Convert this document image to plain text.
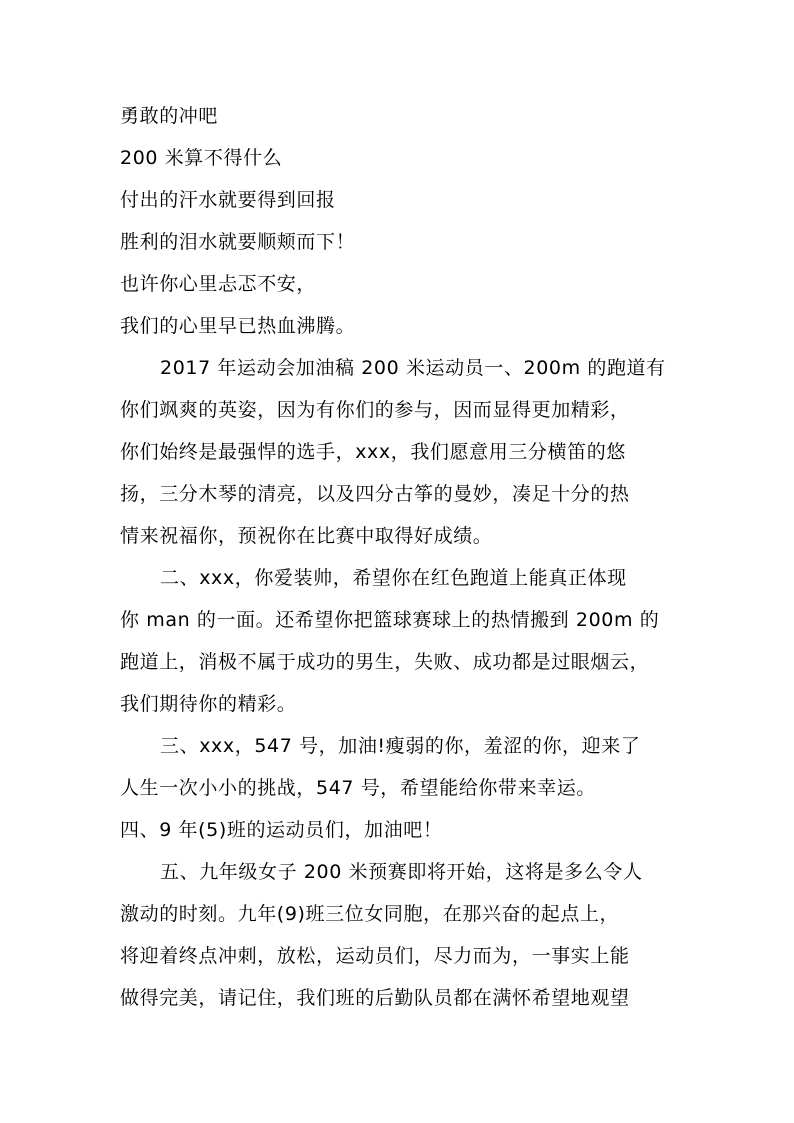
勇敢的冲吧
200 米算不得什么
付出的汗水就要得到回报
胜利的泪水就要顺颊而下！
也许你心里忐忑不安，
我们的心里早已热血沸腾。
2017 年运动会加油稿 200 米运动员一、200m 的跑道有
你们飒爽的英姿，因为有你们的参与，因而显得更加精彩，
你们始终是最强悍的选手，xxx，我们愿意用三分横笛的悠
扬，三分木琴的清亮，以及四分古筝的曼妙，凑足十分的热
情来祝福你，预祝你在比赛中取得好成绩。
二、xxx，你爱装帅，希望你在红色跑道上能真正体现
你 man 的一面。还希望你把篮球赛球上的热情搬到 200m 的
跑道上，消极不属于成功的男生，失败、成功都是过眼烟云，
我们期待你的精彩。
三、xxx，547 号，加油!瘦弱的你，羞涩的你，迎来了
人生一次小小的挑战，547 号，希望能给你带来幸运。
四、9 年(5)班的运动员们，加油吧！
五、九年级女子 200 米预赛即将开始，这将是多么令人
激动的时刻。九年(9)班三位女同胞，在那兴奋的起点上，
将迎着终点冲刺，放松，运动员们，尽力而为，一事实上能
做得完美，请记住，我们班的后勤队员都在满怀希望地观望
